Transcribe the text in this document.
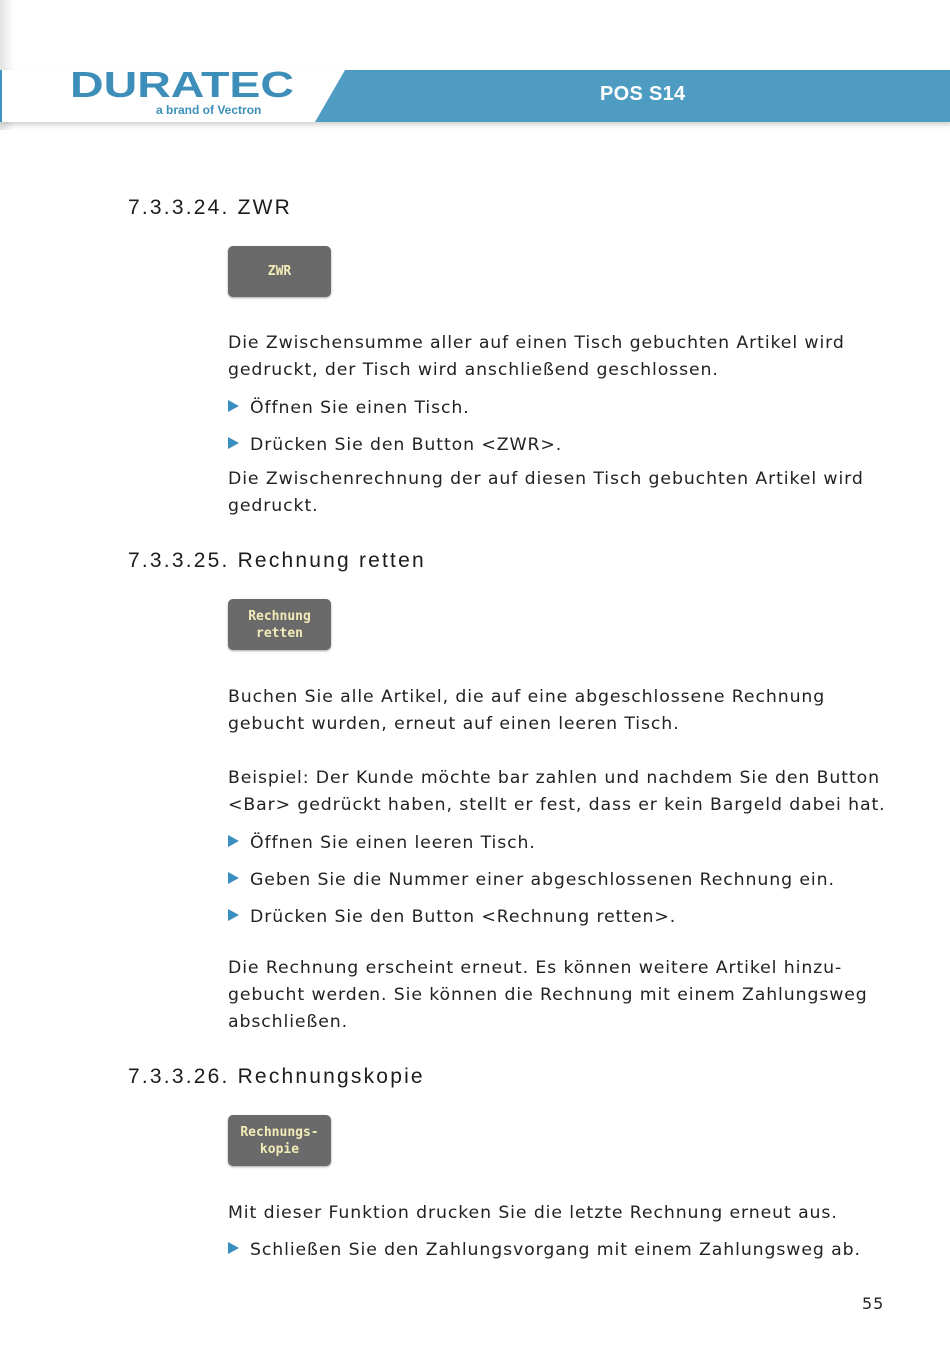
DURATEC
a brand of Vectron
POS S14
7.3.3.24. ZWR
ZWR

Die Zwischensumme aller auf einen Tisch gebuchten Artikel wird

gedruckt, der Tisch wird anschließend geschlossen.

Öffnen Sie einen Tisch.
Drücken Sie den Button <ZWR>.

Die Zwischenrechnung der auf diesen Tisch gebuchten Artikel wird

gedruckt.

7.3.3.25. Rechnung retten
Rechnung
retten

Buchen Sie alle Artikel, die auf eine abgeschlossene Rechnung

gebucht wurden, erneut auf einen leeren Tisch.

Beispiel: Der Kunde möchte bar zahlen und nachdem Sie den Button

<Bar> gedrückt haben, stellt er fest, dass er kein Bargeld dabei hat.

Öffnen Sie einen leeren Tisch.
Geben Sie die Nummer einer abgeschlossenen Rechnung ein.
Drücken Sie den Button <Rechnung retten>.

Die Rechnung erscheint erneut. Es können weitere Artikel hinzu-

gebucht werden. Sie können die Rechnung mit einem Zahlungsweg

abschließen.

7.3.3.26. Rechnungskopie
Rechnungs-
kopie

Mit dieser Funktion drucken Sie die letzte Rechnung erneut aus.

Schließen Sie den Zahlungsvorgang mit einem Zahlungsweg ab.

55
